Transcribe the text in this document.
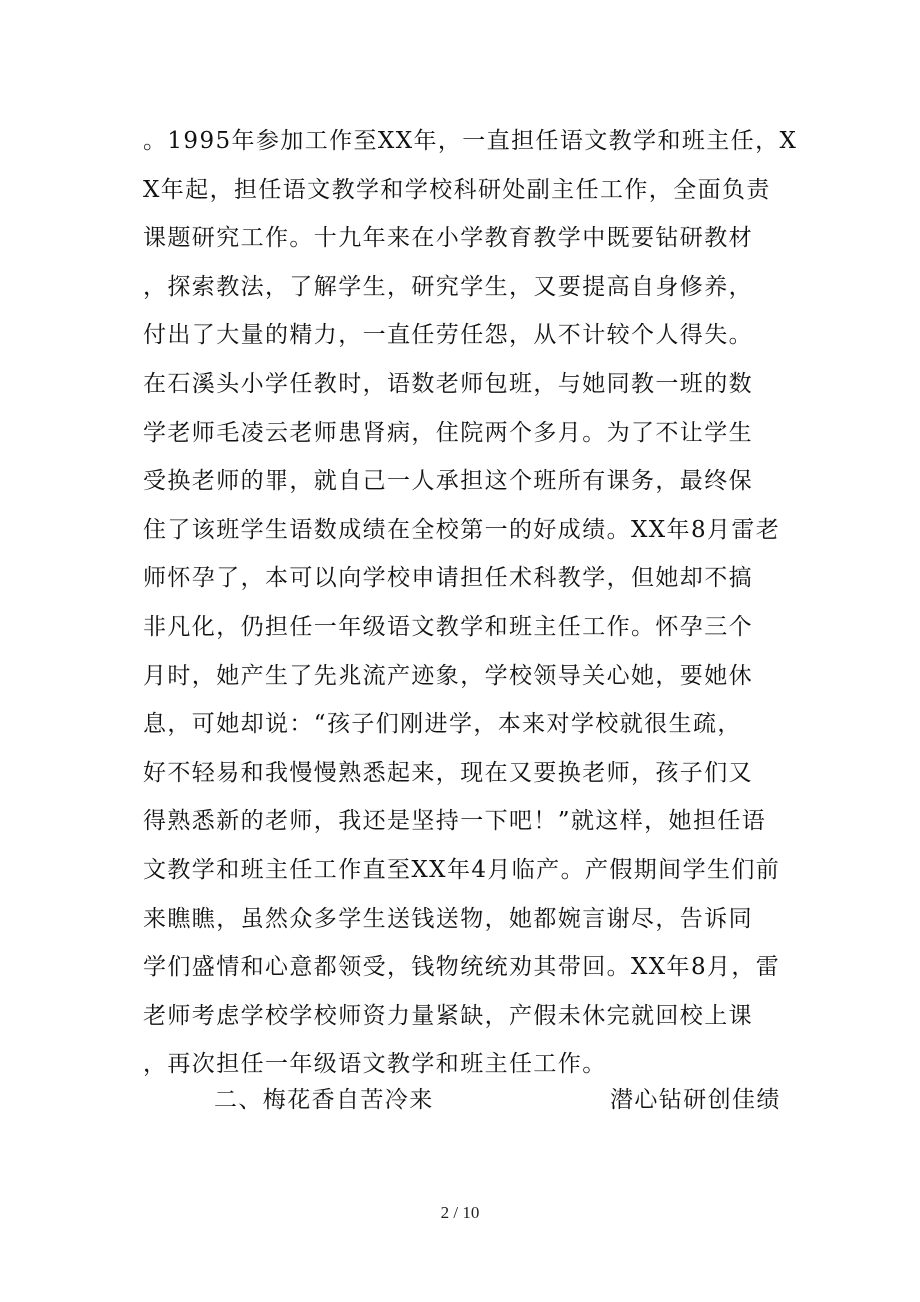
。1995年参加工作至XX年，一直担任语文教学和班主任，X
X年起，担任语文教学和学校科研处副主任工作，全面负责
课题研究工作。十九年来在小学教育教学中既要钻研教材
，探索教法，了解学生，研究学生，又要提高自身修养，
付出了大量的精力，一直任劳任怨，从不计较个人得失。
在石溪头小学任教时，语数老师包班，与她同教一班的数
学老师毛凌云老师患肾病，住院两个多月。为了不让学生
受换老师的罪，就自己一人承担这个班所有课务，最终保
住了该班学生语数成绩在全校第一的好成绩。XX年8月雷老
师怀孕了，本可以向学校申请担任术科教学，但她却不搞
非凡化，仍担任一年级语文教学和班主任工作。怀孕三个
月时，她产生了先兆流产迹象，学校领导关心她，要她休
息，可她却说：“孩子们刚进学，本来对学校就很生疏，
好不轻易和我慢慢熟悉起来，现在又要换老师，孩子们又
得熟悉新的老师，我还是坚持一下吧！”就这样，她担任语
文教学和班主任工作直至XX年4月临产。产假期间学生们前
来瞧瞧，虽然众多学生送钱送物，她都婉言谢尽，告诉同
学们盛情和心意都领受，钱物统统劝其带回。XX年8月，雷
老师考虑学校学校师资力量紧缺，产假未休完就回校上课
，再次担任一年级语文教学和班主任工作。
二、梅花香自苦冷来	潜心钻研创佳绩
2 / 10
